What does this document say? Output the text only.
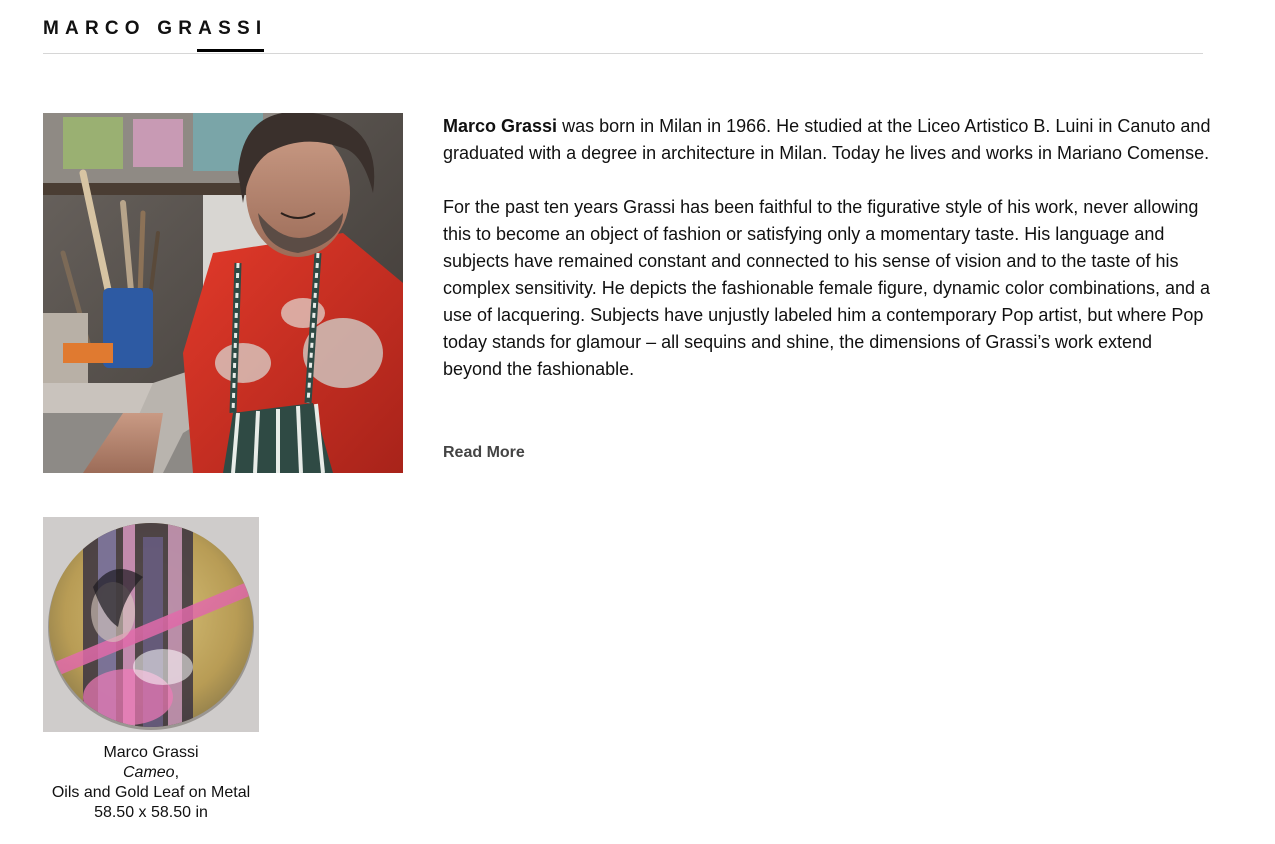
MARCO GRASSI

Marco Grassi was born in Milan in 1966. He studied at the Liceo Artistico B. Luini in Canuto and graduated with a degree in architecture in Milan. Today he lives and works in Mariano Comense.

For the past ten years Grassi has been faithful to the figurative style of his work, never allowing this to become an object of fashion or satisfying only a momentary taste. His language and subjects have remained constant and connected to his sense of vision and to the taste of his complex sensitivity. He depicts the fashionable female figure, dynamic color combinations, and a use of lacquering. Subjects have unjustly labeled him a contemporary Pop artist, but where Pop today stands for glamour – all sequins and shine, the dimensions of Grassi’s work extend beyond the fashionable.

Read More
Marco Grassi
Cameo,
Oils and Gold Leaf on Metal
58.50 x 58.50 in
